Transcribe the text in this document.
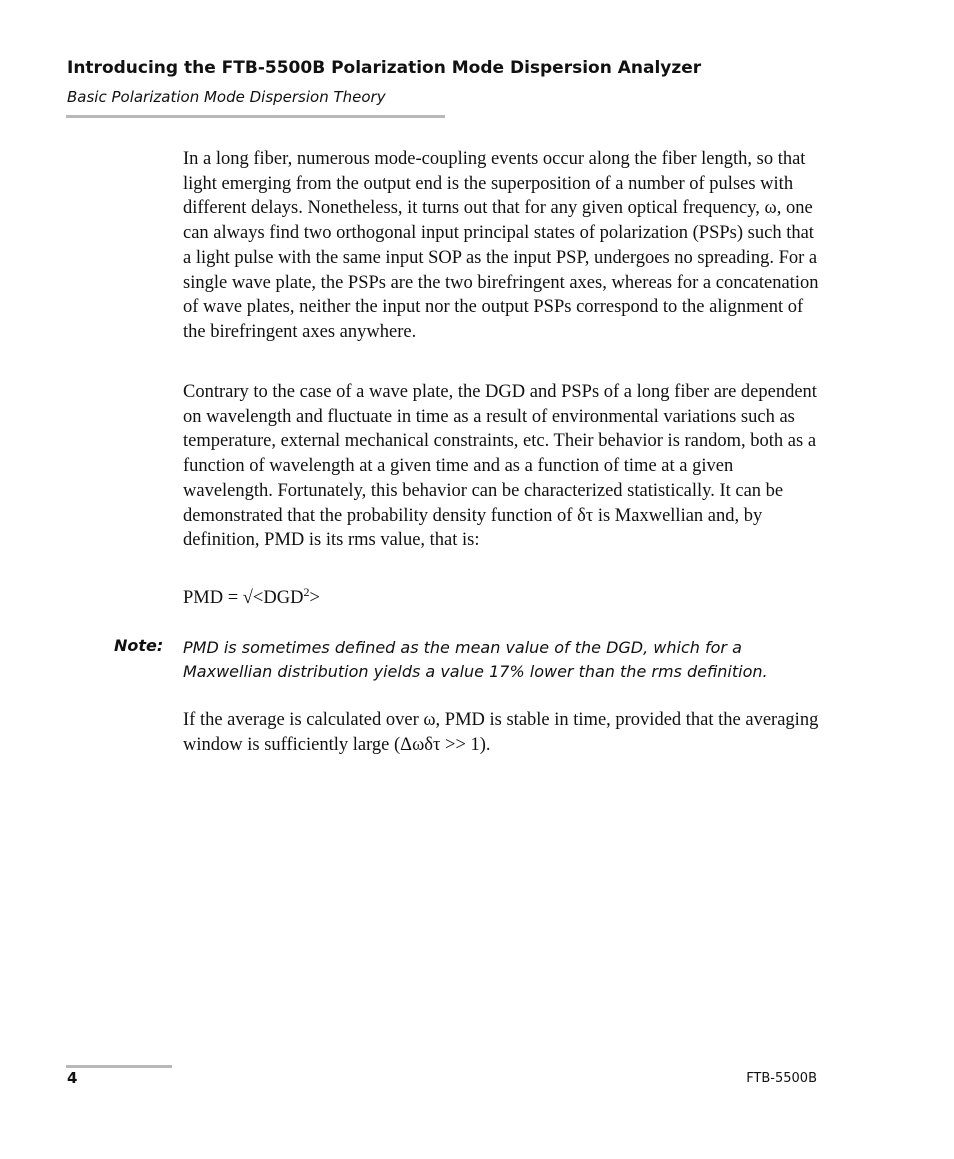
Introducing the FTB-5500B Polarization Mode Dispersion Analyzer
Basic Polarization Mode Dispersion Theory

In a long fiber, numerous mode-coupling events occur along the fiber length, so that light emerging from the output end is the superposition of a number of pulses with different delays. Nonetheless, it turns out that for any given optical frequency, ω, one can always find two orthogonal input principal states of polarization (PSPs) such that a light pulse with the same input SOP as the input PSP, undergoes no spreading. For a single wave plate, the PSPs are the two birefringent axes, whereas for a concatenation of wave plates, neither the input nor the output PSPs correspond to the alignment of the birefringent axes anywhere.

Contrary to the case of a wave plate, the DGD and PSPs of a long fiber are dependent on wavelength and fluctuate in time as a result of environmental variations such as temperature, external mechanical constraints, etc. Their behavior is random, both as a function of wavelength at a given time and as a function of time at a given wavelength. Fortunately, this behavior can be characterized statistically. It can be demonstrated that the probability density function of δτ is Maxwellian and, by definition, PMD is its rms value, that is:

PMD = $√<DGD^2>$
Note: PMD is sometimes defined as the mean value of the DGD, which for a Maxwellian distribution yields a value 17% lower than the rms definition.

If the average is calculated over ω, PMD is stable in time, provided that the averaging window is sufficiently large (Δωδτ >> 1).

4	FTB-5500B
